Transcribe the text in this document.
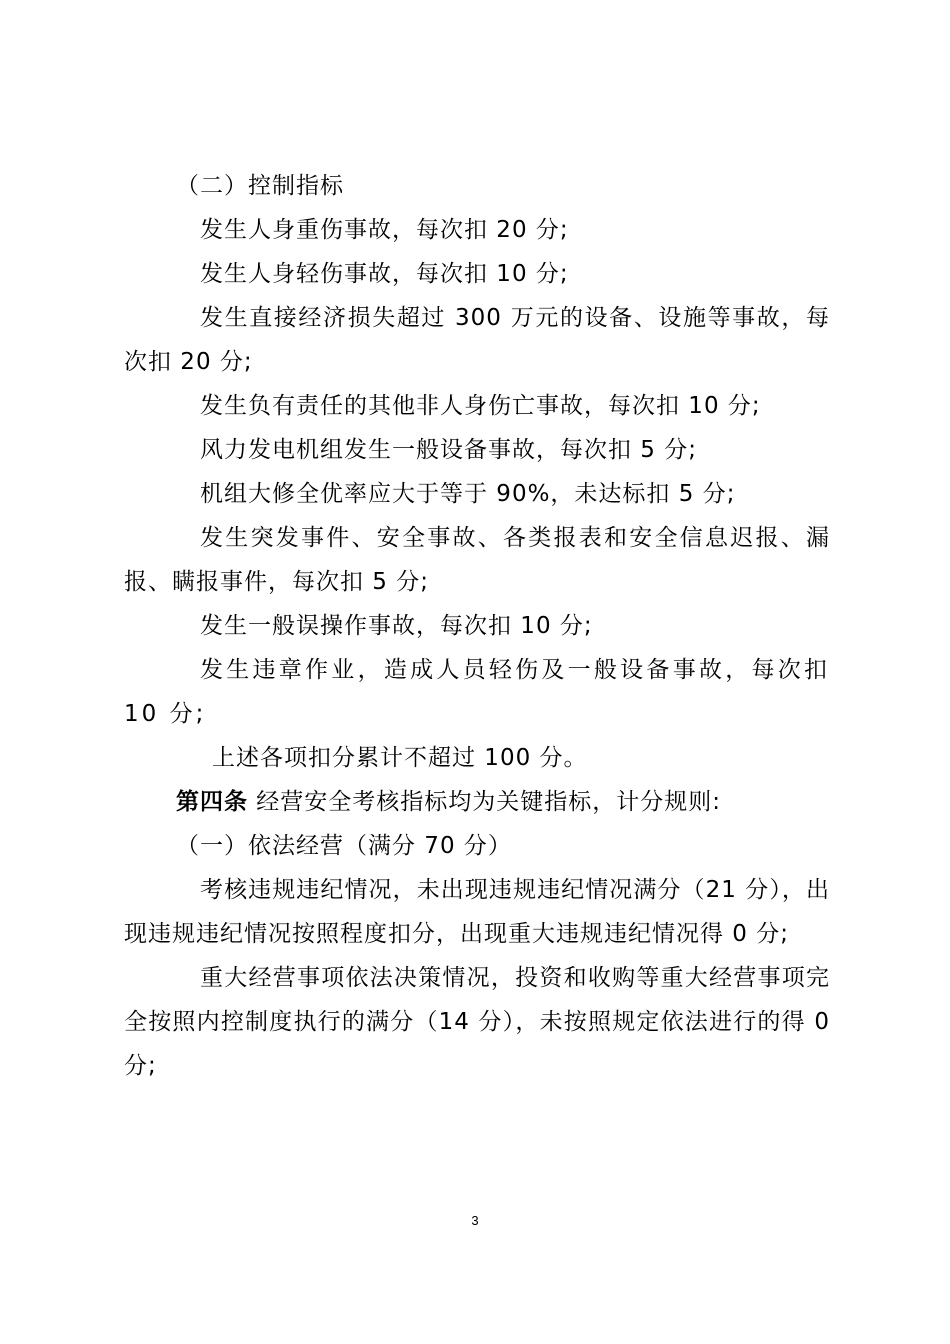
（二）控制指标

发生人身重伤事故，每次扣 20 分;

发生人身轻伤事故，每次扣 10 分;

发生直接经济损失超过 300 万元的设备、设施等事故，每次扣 20 分;

发生负有责任的其他非人身伤亡事故，每次扣 10 分;

风力发电机组发生一般设备事故，每次扣 5 分;

机组大修全优率应大于等于 90%，未达标扣 5 分;

发生突发事件、安全事故、各类报表和安全信息迟报、漏报、瞒报事件，每次扣 5 分;

发生一般误操作事故，每次扣 10 分;

发生违章作业，造成人员轻伤及一般设备事故，每次扣 10 分;

上述各项扣分累计不超过 100 分。

第四条 经营安全考核指标均为关键指标，计分规则:

（一）依法经营（满分 70 分）

考核违规违纪情况，未出现违规违纪情况满分（21 分），出现违规违纪情况按照程度扣分，出现重大违规违纪情况得 0 分;

重大经营事项依法决策情况，投资和收购等重大经营事项完全按照内控制度执行的满分（14 分），未按照规定依法进行的得 0 分;

3
